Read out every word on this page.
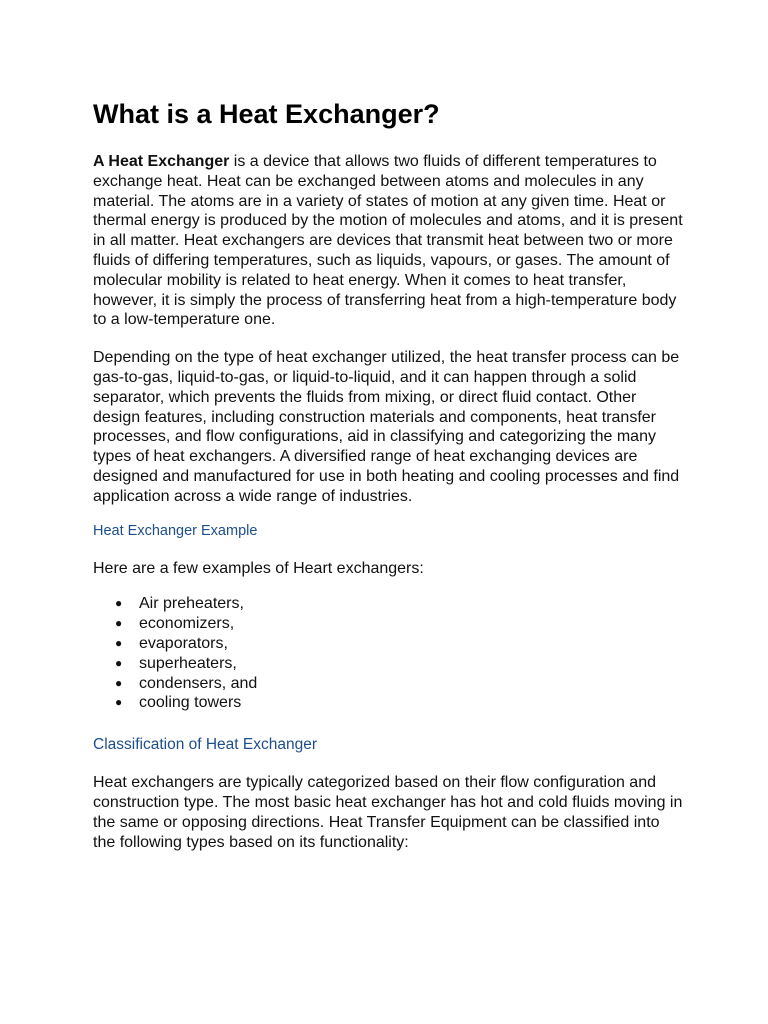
What is a Heat Exchanger?

A Heat Exchanger is a device that allows two fluids of different temperatures to exchange heat. Heat can be exchanged between atoms and molecules in any material. The atoms are in a variety of states of motion at any given time. Heat or thermal energy is produced by the motion of molecules and atoms, and it is present in all matter. Heat exchangers are devices that transmit heat between two or more fluids of differing temperatures, such as liquids, vapours, or gases. The amount of molecular mobility is related to heat energy. When it comes to heat transfer, however, it is simply the process of transferring heat from a high-temperature body to a low-temperature one.

Depending on the type of heat exchanger utilized, the heat transfer process can be gas-to-gas, liquid-to-gas, or liquid-to-liquid, and it can happen through a solid separator, which prevents the fluids from mixing, or direct fluid contact. Other design features, including construction materials and components, heat transfer processes, and flow configurations, aid in classifying and categorizing the many types of heat exchangers. A diversified range of heat exchanging devices are designed and manufactured for use in both heating and cooling processes and find application across a wide range of industries.

Heat Exchanger Example

Here are a few examples of Heart exchangers:

● Air preheaters,
● economizers,
● evaporators,
● superheaters,
● condensers, and
● cooling towers
Classification of Heat Exchanger

Heat exchangers are typically categorized based on their flow configuration and construction type. The most basic heat exchanger has hot and cold fluids moving in the same or opposing directions. Heat Transfer Equipment can be classified into the following types based on its functionality:
